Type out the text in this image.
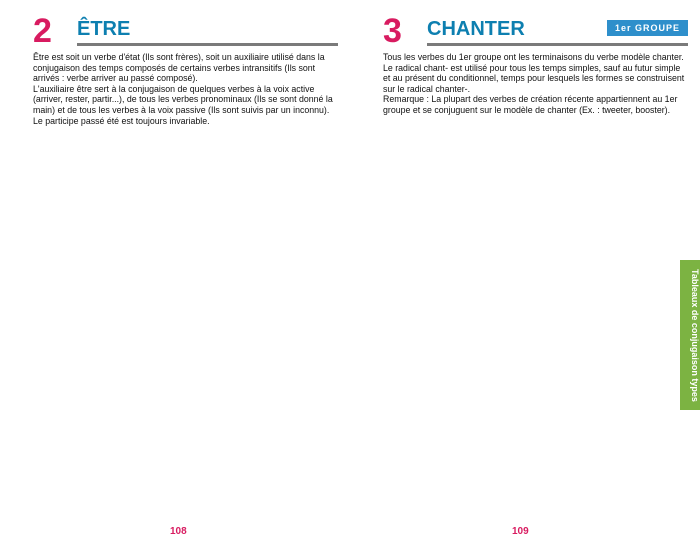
2 ÊTRE

Être est soit un verbe d'état (Ils sont frères), soit un auxiliaire utilisé dans la conjugaison des temps composés de certains verbes intransitifs (Ils sont arrivés : verbe arriver au passé composé).

L'auxiliaire être sert à la conjugaison de quelques verbes à la voix active (arriver, rester, partir...), de tous les verbes pronominaux (Ils se sont donné la main) et de tous les verbes à la voix passive (Ils sont suivis par un inconnu).

Le participe passé été est toujours invariable.

108
3 CHANTER	1er GROUPE

Tous les verbes du 1er groupe ont les terminaisons du verbe modèle chanter.

Le radical chant- est utilisé pour tous les temps simples, sauf au futur simple et au présent du conditionnel, temps pour lesquels les formes se construisent sur le radical chanter-.

Remarque : La plupart des verbes de création récente appartiennent au 1er groupe et se conjuguent sur le modèle de chanter (Ex. : tweeter, booster).

109
Tableaux de conjugaison types
